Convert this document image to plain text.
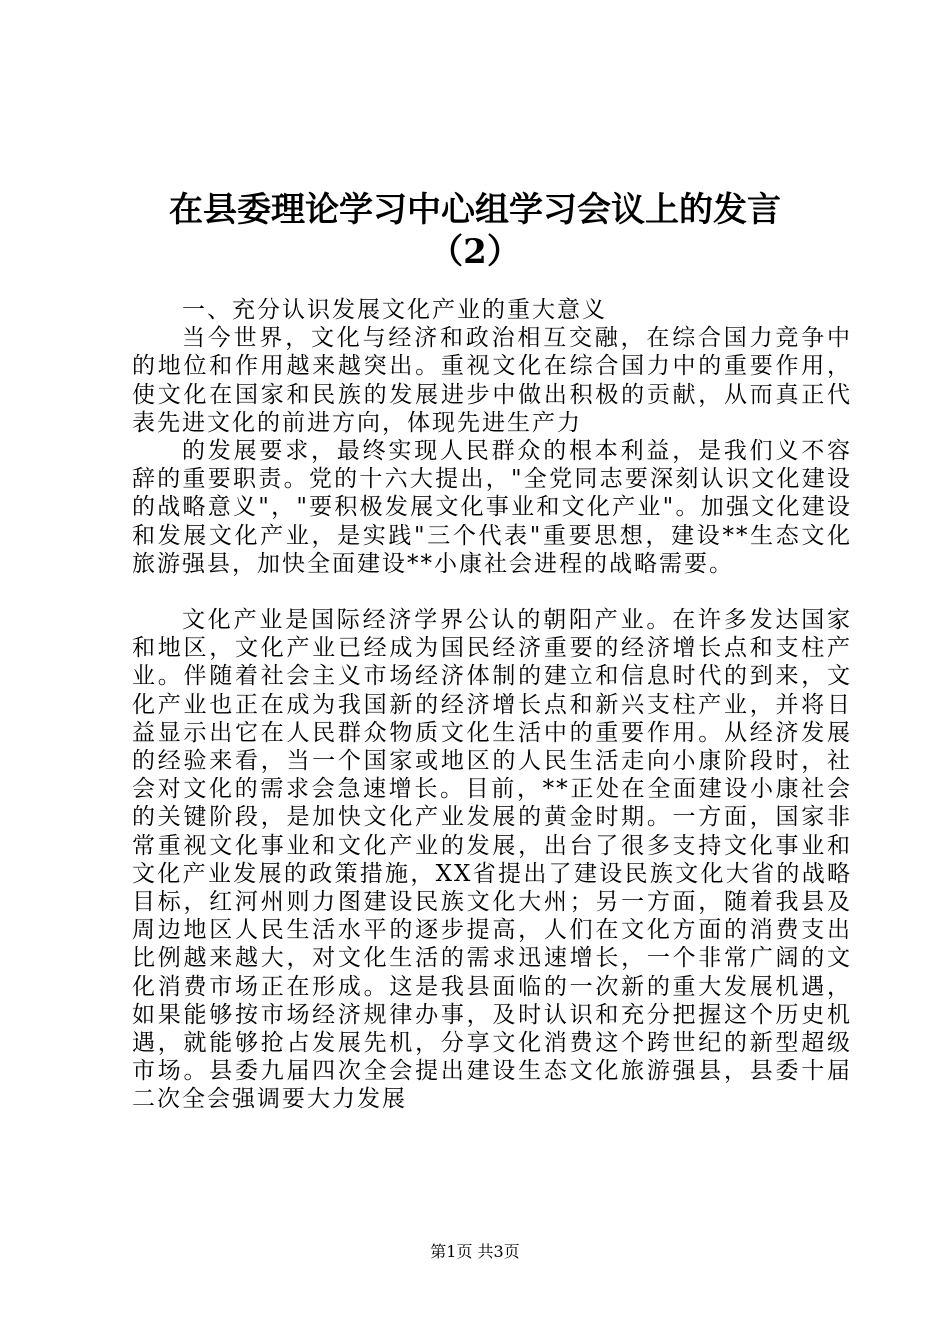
在县委理论学习中心组学习会议上的发言
（2）

一、充分认识发展文化产业的重大意义

当今世界，文化与经济和政治相互交融，在综合国力竞争中的地位和作用越来越突出。重视文化在综合国力中的重要作用，使文化在国家和民族的发展进步中做出积极的贡献，从而真正代表先进文化的前进方向，体现先进生产力

的发展要求，最终实现人民群众的根本利益，是我们义不容辞的重要职责。党的十六大提出，"全党同志要深刻认识文化建设的战略意义"，"要积极发展文化事业和文化产业"。加强文化建设和发展文化产业，是实践"三个代表"重要思想，建设**生态文化旅游强县，加快全面建设**小康社会进程的战略需要。

文化产业是国际经济学界公认的朝阳产业。在许多发达国家和地区，文化产业已经成为国民经济重要的经济增长点和支柱产业。伴随着社会主义市场经济体制的建立和信息时代的到来，文化产业也正在成为我国新的经济增长点和新兴支柱产业，并将日益显示出它在人民群众物质文化生活中的重要作用。从经济发展的经验来看，当一个国家或地区的人民生活走向小康阶段时，社会对文化的需求会急速增长。目前，**正处在全面建设小康社会的关键阶段，是加快文化产业发展的黄金时期。一方面，国家非常重视文化事业和文化产业的发展，出台了很多支持文化事业和文化产业发展的政策措施，XX省提出了建设民族文化大省的战略目标，红河州则力图建设民族文化大州；另一方面，随着我县及周边地区人民生活水平的逐步提高，人们在文化方面的消费支出比例越来越大，对文化生活的需求迅速增长，一个非常广阔的文化消费市场正在形成。这是我县面临的一次新的重大发展机遇，如果能够按市场经济规律办事，及时认识和充分把握这个历史机遇，就能够抢占发展先机，分享文化消费这个跨世纪的新型超级市场。县委九届四次全会提出建设生态文化旅游强县，县委十届二次全会强调要大力发展

第1页 共3页
